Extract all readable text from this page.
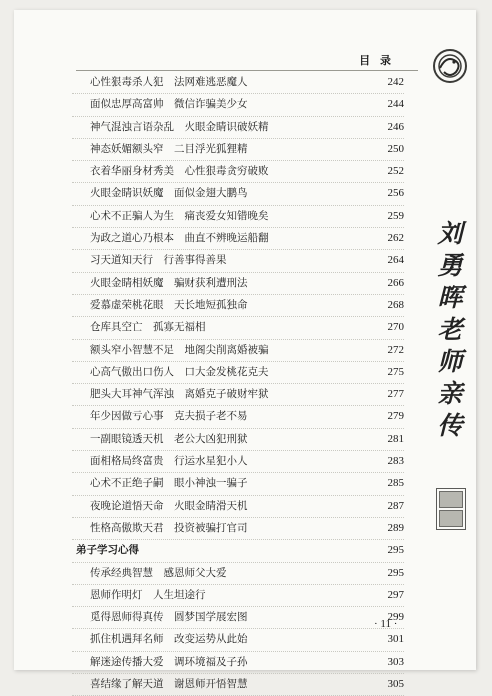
目 录
心性狠毒杀人犯　法网难逃恶魔人	242
面似忠厚高富帅　微信诈骗美少女	244
神气混浊言语杂乱　火眼金睛识破妖精	246
神态妖媚额头窄　二目浮光狐狸精	250
衣着华丽身材秀美　心性狠毒贪穷破败	252
火眼金睛识妖魔　面似金翅大鹏鸟	256
心术不正骗人为生　痛丧爱女知错晚矣	259
为政之道心乃根本　曲直不辨晚运船翻	262
习天道知天行　行善事得善果	264
火眼金睛相妖魔　骗财获利遭刑法	266
爱慕虚荣桃花眼　天长地短孤独命	268
仓库具空亡　孤寡无福相	270
额头窄小智慧不足　地阁尖削离婚被骗	272
心高气傲出口伤人　口大金发桃花克夫	275
肥头大耳神气浑浊　离婚克子破财牢狱	277
年少因做亏心事　克夫损子老不易	279
一副眼镜透天机　老公大凶犯刑狱	281
面相格局终富贵　行运水星犯小人	283
心术不正绝子嗣　眼小神浊一骗子	285
夜晚论道悟天命　火眼金睛滑天机	287
性格高傲欺天君　投资被骗打官司	289
弟子学习心得	295
传承经典智慧　感恩师父大爱	295
恩师作明灯　人生坦途行	297
觅得恩师得真传　圆梦国学展宏图	299
抓住机遇拜名师　改变运势从此始	301
解迷途传播大爱　调环境福及子孙	303
喜结缘了解天道　谢恩师开悟智慧	305
刘
勇
晖
老
师
亲
传
· 11 ·
